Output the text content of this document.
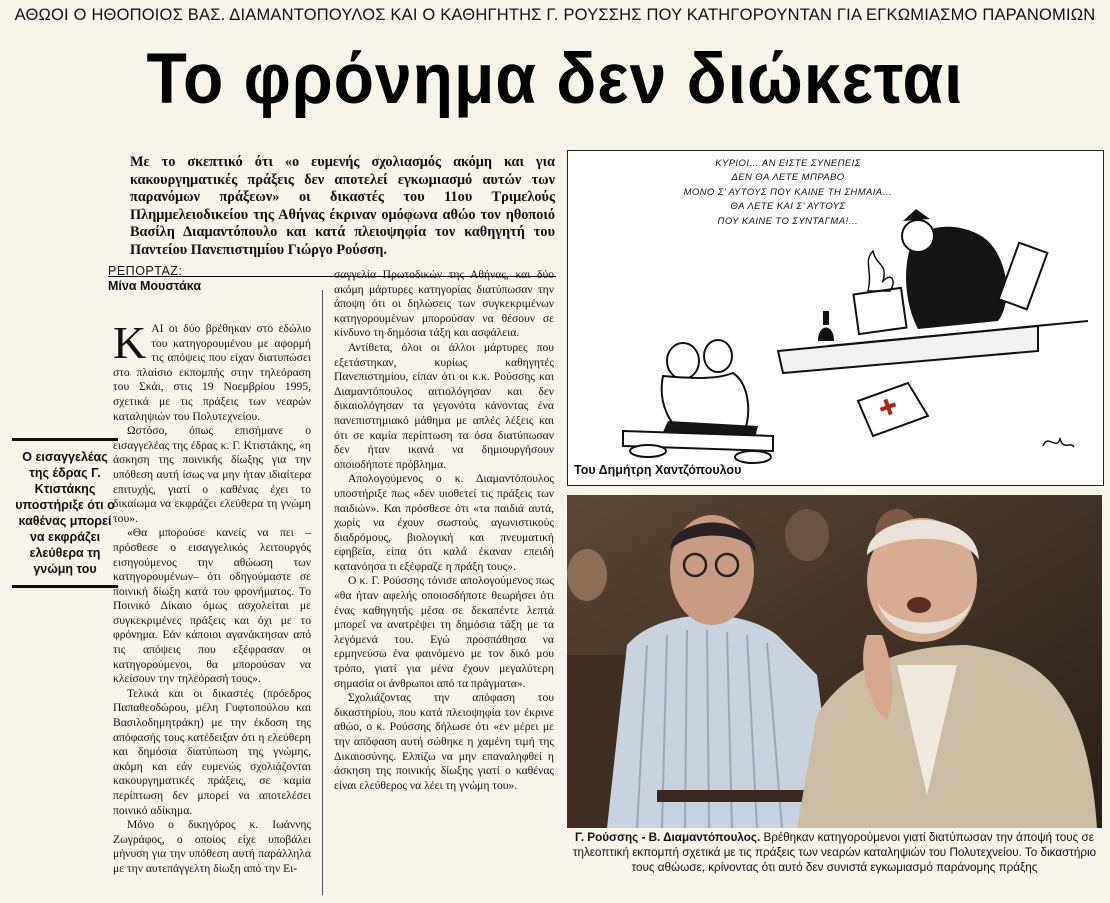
ΑΘΩΟΙ Ο ΗΘΟΠΟΙΟΣ ΒΑΣ. ΔΙΑΜΑΝΤΟΠΟΥΛΟΣ ΚΑΙ Ο ΚΑΘΗΓΗΤΗΣ Γ. ΡΟΥΣΣΗΣ ΠΟΥ ΚΑΤΗΓΟΡΟΥΝΤΑΝ ΓΙΑ ΕΓΚΩΜΙΑΣΜΟ ΠΑΡΑΝΟΜΙΩΝ
Το φρόνημα δεν διώκεται
Με το σκεπτικό ότι «ο ευμενής σχολιασμός ακόμη και για κακουργηματικές πράξεις δεν αποτελεί εγκωμιασμό αυτών των παρανόμων πράξεων» οι δικαστές του 11ου Τριμελούς Πλημμελειοδικείου της Αθήνας έκριναν ομόφωνα αθώο τον ηθοποιό Βασίλη Διαμαντόπουλο και κατά πλειοψηφία τον καθηγητή του Παντείου Πανεπιστημίου Γιώργο Ρούσση.
ΡΕΠΟΡΤΑΖ:
Μίνα Μουστάκα
Ο εισαγγελέας της έδρας Γ. Κτιστάκης υποστήριξε ότι ο καθένας μπορεί να εκφράζει ελεύθερα τη γνώμη του

ΚΑΙ οι δύο βρέθηκαν στο εδώλιο του κατηγορουμένου με αφορμή τις απόψεις που είχαν διατυπώσει στο πλαίσιο εκπομπής στην τηλεόραση του Σκάι, στις 19 Νοεμβρίου 1995, σχετικά με τις πράξεις των νεαρών καταληψιών του Πολυτεχνείου.

Ωστόσο, όπως επισήμανε ο εισαγγελέας της έδρας κ. Γ. Κτιστάκης, «η άσκηση της ποινικής δίωξης για την υπόθεση αυτή ίσως να μην ήταν ιδιαίτερα επιτυχής, γιατί ο καθένας έχει το δικαίωμα να εκφράζει ελεύθερα τη γνώμη του».

«Θα μπορούσε κανείς να πει – πρόσθεσε ο εισαγγελικός λειτουργός εισηγούμενος την αθώωση των κατηγορουμένων– ότι οδηγούμαστε σε ποινική δίωξη κατά του φρονήματος. Το Ποινικό Δίκαιο όμως ασχολείται με συγκεκριμένες πράξεις και όχι με το φρόνημα. Εάν κάποιοι αγανάκτησαν από τις απόψεις που εξέφρασαν οι κατηγορούμενοι, θα μπορούσαν να κλείσουν την τηλεόρασή τους».

Τελικά και οι δικαστές (πρόεδρος Παπαθεοδώρου, μέλη Γυφτοπούλου και Βασιλοδημητράκη) με την έκδοση της απόφασής τους κατέδειξαν ότι η ελεύθερη και δημόσια διατύπωση της γνώμης, ακόμη και εάν ευμενώς σχολιάζονται κακουργηματικές πράξεις, σε καμία περίπτωση δεν μπορεί να αποτελέσει ποινικό αδίκημα.

Μόνο ο δικηγόρος κ. Ιωάννης Ζωγράφος, ο οποίος είχε υποβάλει μήνυση για την υπόθεση αυτή παράλληλα με την αυτεπάγγελτη δίωξη από την Ει-

σαγγελία Πρωτοδικών της Αθήνας, και δύο ακόμη μάρτυρες κατηγορίας διατύπωσαν την άποψη ότι οι δηλώσεις των συγκεκριμένων κατηγορουμένων μπορούσαν να θέσουν σε κίνδυνο τη δημόσια τάξη και ασφάλεια.

Αντίθετα, όλοι οι άλλοι μάρτυρες που εξετάστηκαν, κυρίως καθηγητές Πανεπιστημίου, είπαν ότι οι κ.κ. Ρούσσης και Διαμαντόπουλος αιτιολόγησαν και δεν δικαιολόγησαν τα γεγονότα κάνοντας ένα πανεπιστημιακό μάθημα με απλές λέξεις και ότι σε καμία περίπτωση τα όσα διατύπωσαν δεν ήταν ικανά να δημιουργήσουν οποιοδήποτε πρόβλημα.

Απολογούμενος ο κ. Διαμαντόπουλος υποστήριξε πως «δεν υιοθετεί τις πράξεις των παιδιών». Και πρόσθεσε ότι «τα παιδιά αυτά, χωρίς να έχουν σωστούς αγωνιστικούς διαδρόμους, βιολογική και πνευματική εφηβεία, είπα ότι καλά έκαναν επειδή κατανόησα τι εξέφραζε η πράξη τους».

Ο κ. Γ. Ρούσσης τόνισε απολογούμενος πως «θα ήταν αφελής οποιοσδήποτε θεωρήσει ότι ένας καθηγητής μέσα σε δεκαπέντε λεπτά μπορεί να ανατρέψει τη δημόσια τάξη με τα λεγόμενά του. Εγώ προσπάθησα να ερμηνεύσω ένα φαινόμενο με τον δικό μου τρόπο, γιατί για μένα έχουν μεγαλύτερη σημασία οι άνθρωποι από τα πράγματα».

Σχολιάζοντας την απόφαση του δικαστηρίου, που κατά πλειοψηφία τον έκρινε αθώο, ο κ. Ρούσσης δήλωσε ότι «εν μέρει με την απόφαση αυτή σώθηκε η χαμένη τιμή της Δικαιοσύνης. Ελπίζω να μην επαναληφθεί η άσκηση της ποινικής δίωξης γιατί ο καθένας είναι ελεύθερος να λέει τη γνώμη του».

ΚΥΡΙΟΙ… ΑΝ ΕΙΣΤΕ ΣΥΝΕΠΕΙΣ
ΔΕΝ ΘΑ ΛΕΤΕ ΜΠΡΑΒΟ
ΜΟΝΟ Σ’ ΑΥΤΟΥΣ ΠΟΥ ΚΑΙΝΕ ΤΗ ΣΗΜΑΙΑ…
ΘΑ ΛΕΤΕ ΚΑΙ Σ’ ΑΥΤΟΥΣ
ΠΟΥ ΚΑΙΝΕ ΤΟ ΣΥΝΤΑΓΜΑ!…
Του Δημήτρη Χαντζόπουλου
Γ. Ρούσσης - Β. Διαμαντόπουλος. Βρέθηκαν κατηγορούμενοι γιατί διατύπωσαν την άποψή τους σε τηλεοπτική εκπομπή σχετικά με τις πράξεις των νεαρών καταληψιών του Πολυτεχνείου. Το δικαστήριο τους αθώωσε, κρίνοντας ότι αυτό δεν συνιστά εγκωμιασμό παράνομης πράξης
